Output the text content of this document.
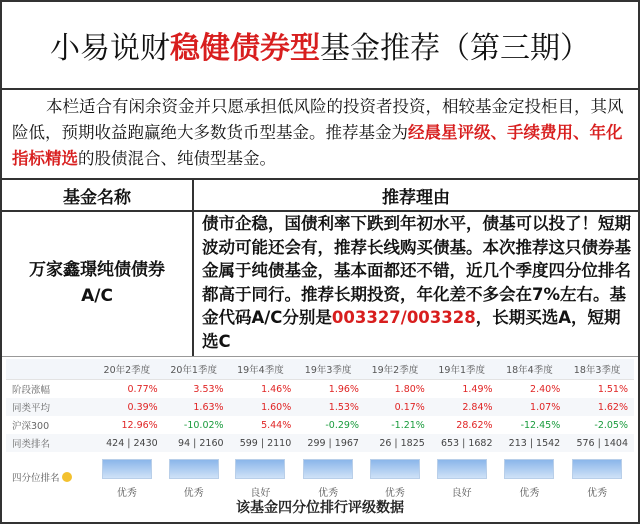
小易说财 稳健债券型 基金推荐（第三期）
本栏适合有闲余资金并只愿承担低风险的投资者投资，相较基金定投柜目，其风险低，预期收益跑赢绝大多数货币型基金。推荐基金为经晨星评级、手续费用、年化指标精选的股债混合、纯债型基金。
基金名称	推荐理由
万家鑫璟纯债债券
A/C
债市企稳，国债利率下跌到年初水平，债基可以投了！短期波动可能还会有，推荐长线购买债基。本次推荐这只债券基金属于纯债基金，基本面都还不错，近几个季度四分位排名都高于同行。推荐长期投资，年化差不多会在7%左右。基金代码A/C分别是003327/003328，长期买选A，短期选C
	20年2季度	20年1季度	19年4季度	19年3季度	19年2季度	19年1季度	18年4季度	18年3季度
阶段涨幅	0.77%	3.53%	1.46%	1.96%	1.80%	1.49%	2.40%	1.51%
同类平均	0.39%	1.63%	1.60%	1.53%	0.17%	2.84%	1.07%	1.62%
沪深300	12.96%	-10.02%	5.44%	-0.29%	-1.21%	28.62%	-12.45%	-2.05%
同类排名	424 | 2430	94 | 2160	599 | 2110	299 | 1967	26 | 1825	653 | 1682	213 | 1542	576 | 1404
四分位排名	优秀	优秀	良好	优秀	优秀	良好	优秀	优秀
该基金四分位排行评级数据
